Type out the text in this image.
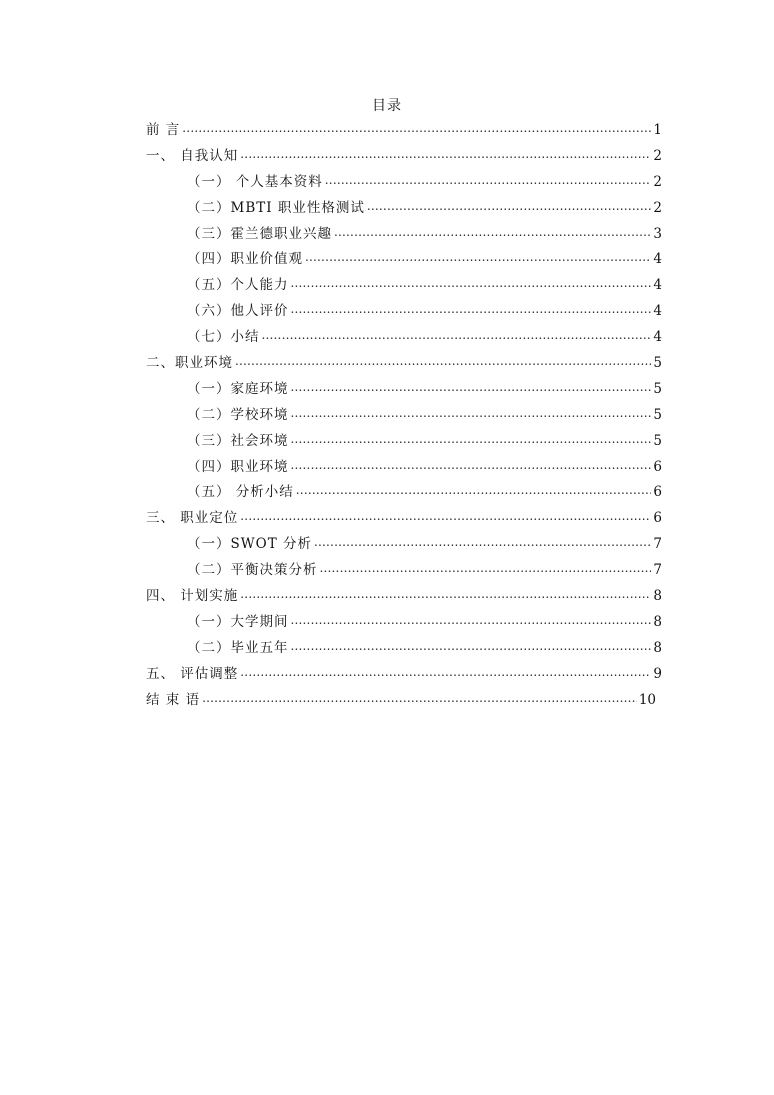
目录
前 言 .....	1
一、 自我认知 .....	2
（一） 个人基本资料 .....	2
（二）MBTI 职业性格测试 .....	2
（三）霍兰德职业兴趣 .....	3
（四）职业价值观 .....	4
（五）个人能力 .....	4
（六）他人评价 .....	4
（七）小结 .....	4
二、职业环境 .....	5
（一）家庭环境 .....	5
（二）学校环境 .....	5
（三）社会环境 .....	5
（四）职业环境 .....	6
（五） 分析小结 .....	6
三、 职业定位 .....	6
（一）SWOT 分析 .....	7
（二）平衡决策分析 .....	7
四、 计划实施 .....	8
（一）大学期间 .....	8
（二）毕业五年 .....	8
五、 评估调整 .....	9
结 束 语 .....	10
